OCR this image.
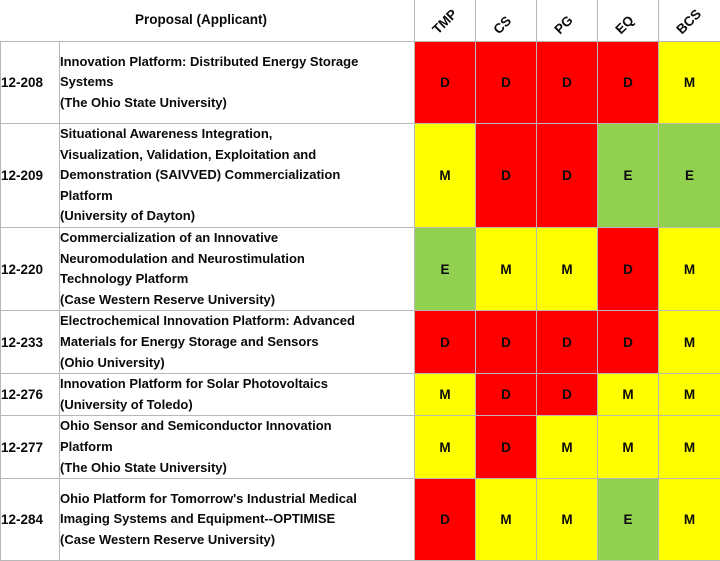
Proposal (Applicant)	TMP CS	PG	EQ	BCS
12-208	Innovation Platform: Distributed Energy Storage
Systems
(The Ohio State University)	D	D	D	D	M
12-209	Situational Awareness Integration,
Visualization, Validation, Exploitation and
Demonstration (SAIVVED) Commercialization
Platform
(University of Dayton)	M	D	D	E	E
12-220	Commercialization of an Innovative
Neuromodulation and Neurostimulation
Technology Platform
(Case Western Reserve University)	E	M	M	D	M
12-233	Electrochemical Innovation Platform: Advanced
Materials for Energy Storage and Sensors
(Ohio University)	D	D	D	D	M
12-276	Innovation Platform for Solar Photovoltaics
(University of Toledo)	M	D	D	M	M
12-277	Ohio Sensor and Semiconductor Innovation
Platform
(The Ohio State University)	M	D	M	M	M
12-284	Ohio Platform for Tomorrow's Industrial Medical
Imaging Systems and Equipment--OPTIMISE
(Case Western Reserve University)	D	M	M	E	M
